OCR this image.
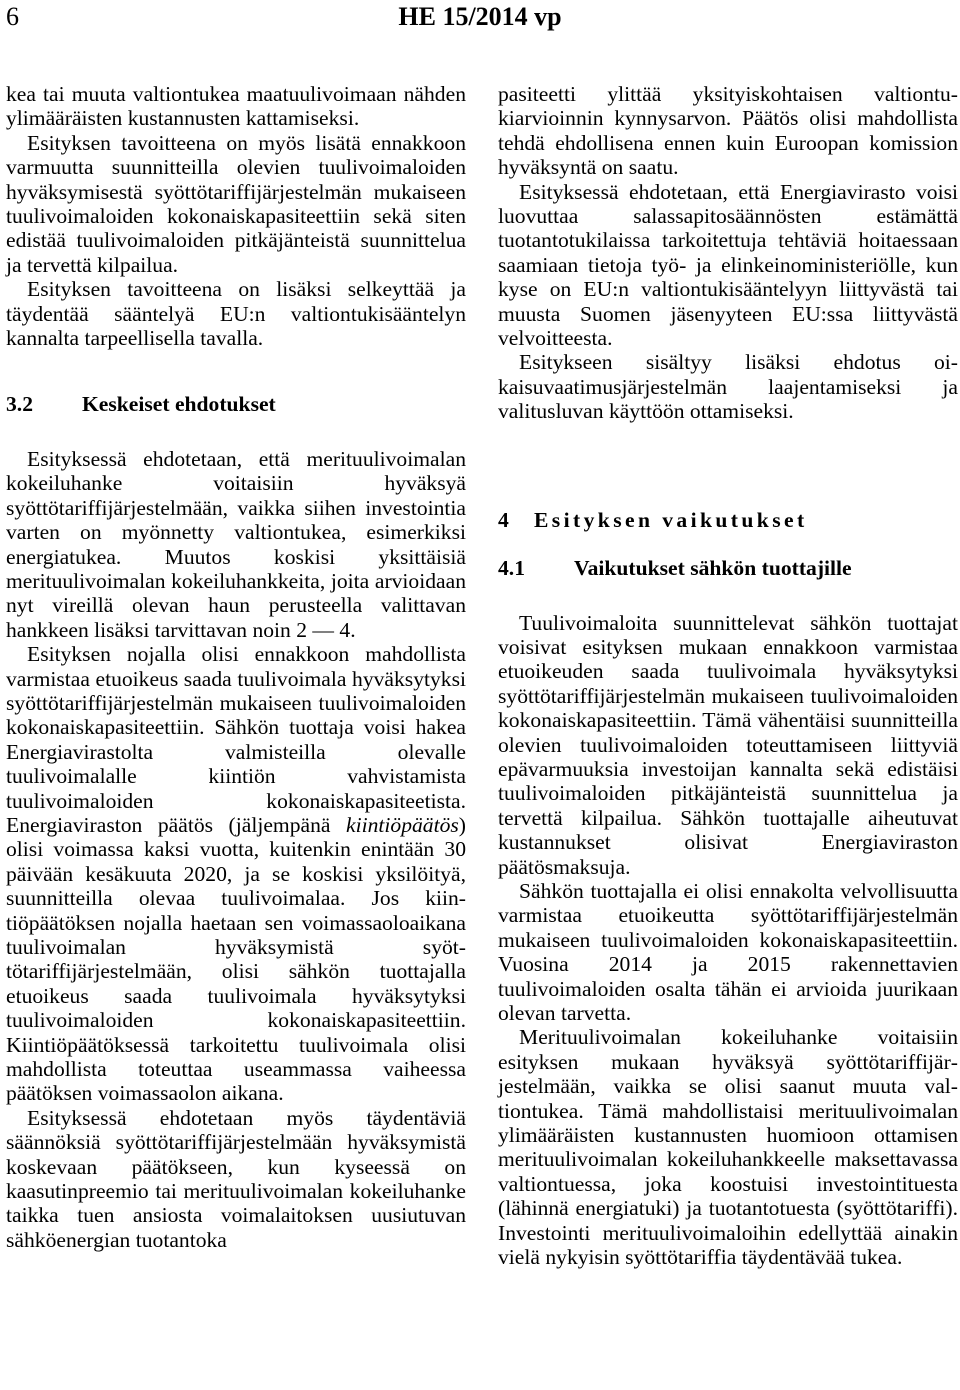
6	HE 15/2014 vp

kea tai muuta valtiontukea maatuulivoimaan nähden ylimääräisten kustannusten kattamiseksi.

Esityksen tavoitteena on myös lisätä ennakkoon varmuutta suunnitteilla olevien tuulivoimaloiden hyväksymisestä syöttötariffijärjestelmän mukaiseen tuulivoimaloiden kokonaiskapasiteettiin sekä siten edistää tuulivoimaloiden pitkäjänteistä suunnittelua ja tervettä kilpailua.

Esityksen tavoitteena on lisäksi selkeyttää ja täydentää sääntelyä EU:n valtiontukisääntelyn kannalta tarpeellisella tavalla.

3.2 Keskeiset ehdotukset

Esityksessä ehdotetaan, että merituulivoimalan kokeiluhanke voitaisiin hyväksyä syöttötariffijärjestelmään, vaikka siihen investointia varten on myönnetty valtiontukea, esimerkiksi energiatukea. Muutos koskisi yksittäisiä merituulivoimalan kokeiluhankkeita, joita arvioidaan nyt vireillä olevan haun perusteella valittavan hankkeen lisäksi tarvittavan noin 2 — 4.

Esityksen nojalla olisi ennakkoon mahdollista varmistaa etuoikeus saada tuulivoimala hyväksytyksi syöttötariffijärjestelmän mukaiseen tuulivoimaloiden kokonaiskapasiteettiin. Sähkön tuottaja voisi hakea Energiavirastolta valmisteilla olevalle tuulivoimalalle kiintiön vahvistamista tuulivoimaloiden kokonaiskapasiteetista. Energiaviraston päätös (jäljempänä kiintiöpäätös) olisi voimassa kaksi vuotta, kuitenkin enintään 30 päivään kesäkuuta 2020, ja se koskisi yksilöityä, suunnitteilla olevaa tuulivoimalaa. Jos kiintiöpäätöksen nojalla haetaan sen voimassaoloaikana tuulivoimalan hyväksymistä syöttötariffijärjestelmään, olisi sähkön tuottajalla etuoikeus saada tuulivoimala hyväksytyksi tuulivoimaloiden kokonaiskapasiteettiin. Kiintiöpäätöksessä tarkoitettu tuulivoimala olisi mahdollista toteuttaa useammassa vaiheessa päätöksen voimassaolon aikana.

Esityksessä ehdotetaan myös täydentäviä säännöksiä syöttötariffijärjestelmään hyväksymistä koskevaan päätökseen, kun kyseessä on kaasutinpreemio tai merituulivoimalan kokeiluhanke taikka tuen ansiosta voimalaitoksen uusiutuvan sähköenergian tuotantoka

pasiteetti ylittää yksityiskohtaisen valtiontukiarvioinnin kynnysarvon. Päätös olisi mahdollista tehdä ehdollisena ennen kuin Euroopan komission hyväksyntä on saatu.

Esityksessä ehdotetaan, että Energiavirasto voisi luovuttaa salassapitosäännösten estämättä tuotantotukilaissa tarkoitettuja tehtäviä hoitaessaan saamiaan tietoja työ- ja elinkeinoministeriölle, kun kyse on EU:n valtiontukisääntelyyn liittyvästä tai muusta Suomen jäsenyyteen EU:ssa liittyvästä velvoitteesta.

Esitykseen sisältyy lisäksi ehdotus oikaisuvaatimusjärjestelmän laajentamiseksi ja valitusluvan käyttöön ottamiseksi.

4 Esityksen vaikutukset
4.1 Vaikutukset sähkön tuottajille

Tuulivoimaloita suunnittelevat sähkön tuottajat voisivat esityksen mukaan ennakkoon varmistaa etuoikeuden saada tuulivoimala hyväksytyksi syöttötariffijärjestelmän mukaiseen tuulivoimaloiden kokonaiskapasiteettiin. Tämä vähentäisi suunnitteilla olevien tuulivoimaloiden toteuttamiseen liittyviä epävarmuuksia investoijan kannalta sekä edistäisi tuulivoimaloiden pitkäjänteistä suunnittelua ja tervettä kilpailua. Sähkön tuottajalle aiheutuvat kustannukset olisivat Energiaviraston päätösmaksuja.

Sähkön tuottajalla ei olisi ennakolta velvollisuutta varmistaa etuoikeutta syöttötariffijärjestelmän mukaiseen tuulivoimaloiden kokonaiskapasiteettiin. Vuosina 2014 ja 2015 rakennettavien tuulivoimaloiden osalta tähän ei arvioida juurikaan olevan tarvetta.

Merituulivoimalan kokeiluhanke voitaisiin esityksen mukaan hyväksyä syöttötariffijärjestelmään, vaikka se olisi saanut muuta valtiontukea. Tämä mahdollistaisi merituulivoimalan ylimääräisten kustannusten huomioon ottamisen merituulivoimalan kokeiluhankkeelle maksettavassa valtiontuessa, joka koostuisi investointituesta (lähinnä energiatuki) ja tuotantotuesta (syöttötariffi). Investointi merituulivoimaloihin edellyttää ainakin vielä nykyisin syöttötariffia täydentävää tukea.
